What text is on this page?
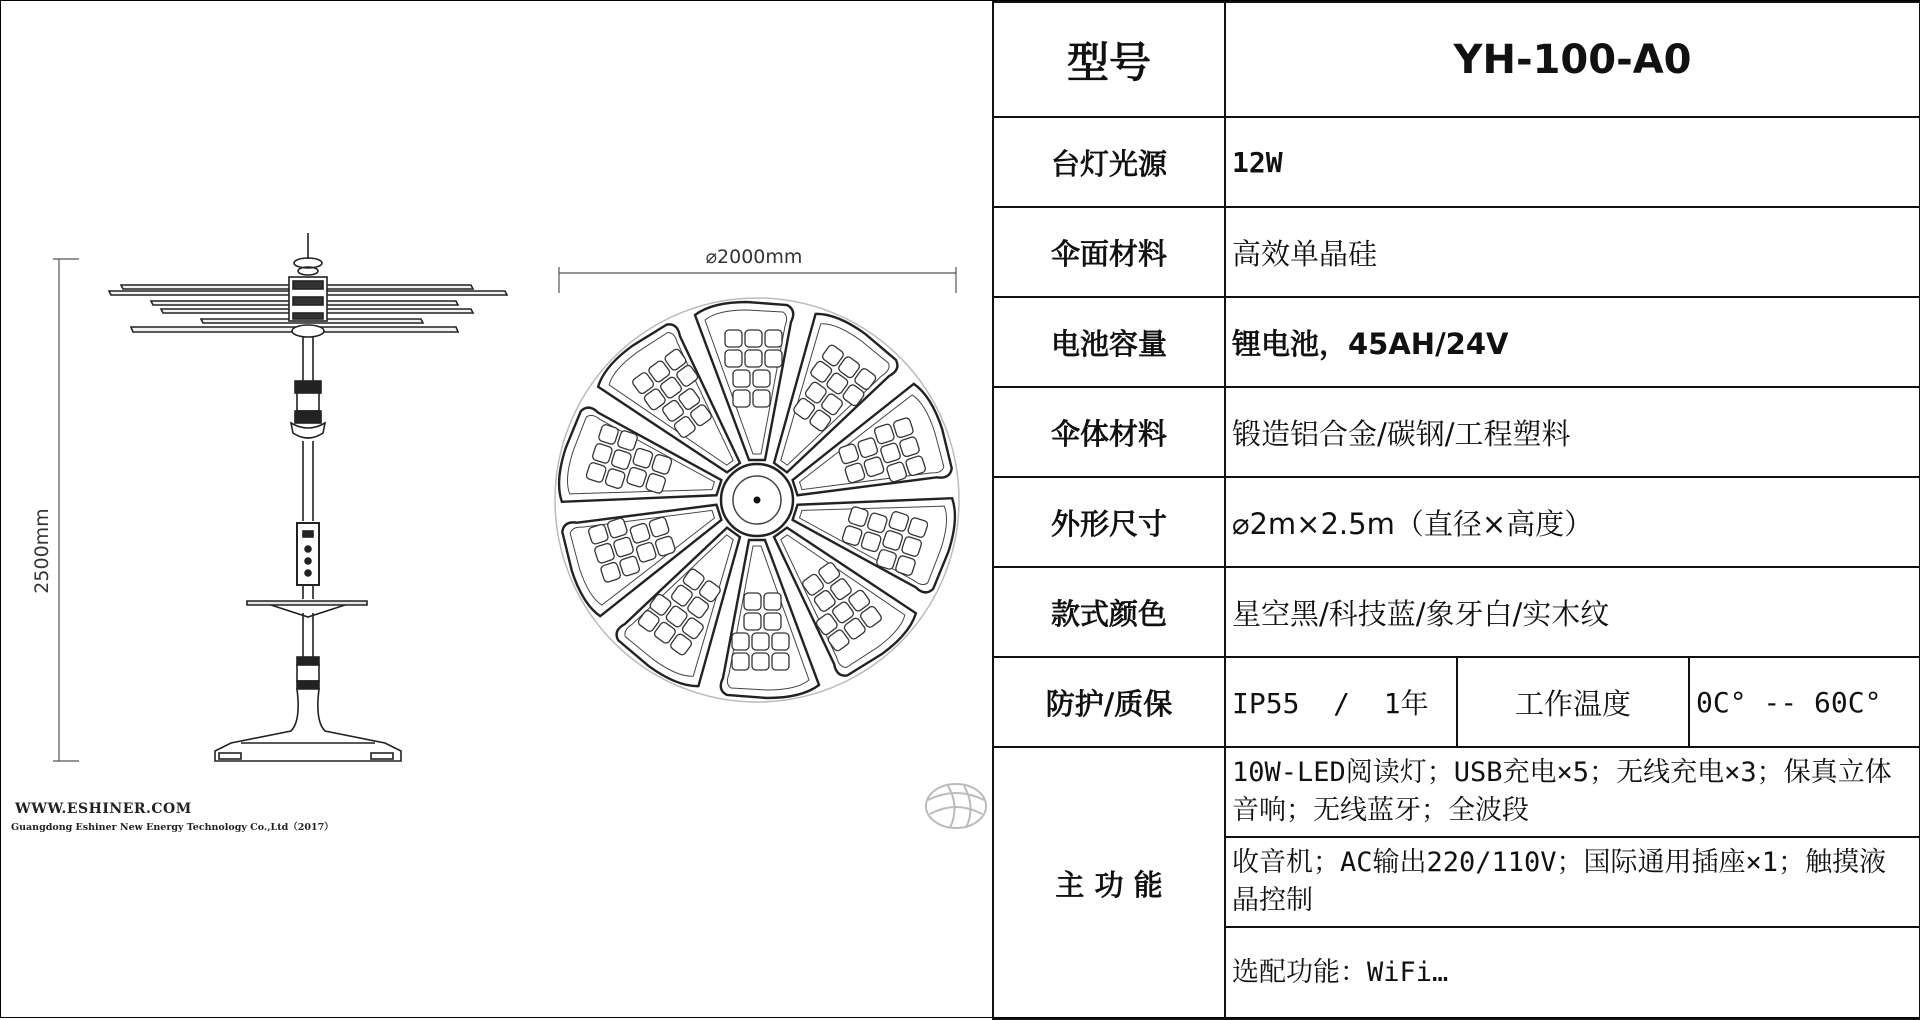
2500mm
⌀2000mm
WWW.ESHINER.COM
Guangdong Eshiner New Energy Technology Co.,Ltd（2017）
型号	YH-100-A0		
台灯光源	12W		
伞面材料	高效单晶硅		
电池容量	锂电池，45AH/24V		
伞体材料	锻造铝合金/碳钢/工程塑料		
外形尺寸	⌀2m×2.5m（直径×高度）		
款式颜色	星空黑/科技蓝/象牙白/实木纹		
防护/质保	IP55  /  1年	工作温度	0C° -- 60C°
主 功 能	10W-LED阅读灯；USB充电×5；无线充电×3；保真立体音响；无线蓝牙；全波段		
	收音机；AC输出220/110V；国际通用插座×1；触摸液晶控制		
	选配功能：WiFi…		
